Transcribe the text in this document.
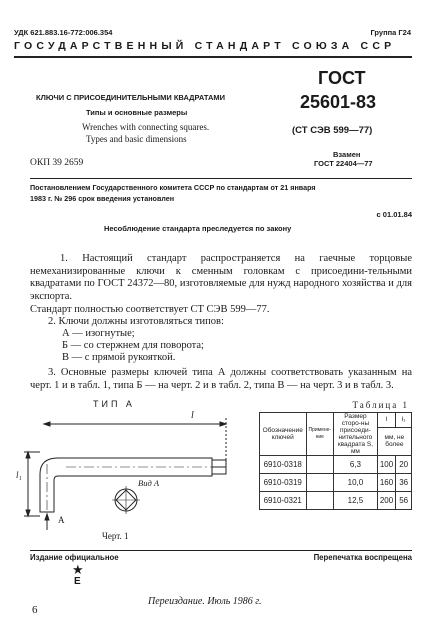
УДК 621.883.16-772:006.354	Группа Г24
ГОСУДАРСТВЕННЫЙ СТАНДАРТ СОЮЗА ССР
КЛЮЧИ С ПРИСОЕДИНИТЕЛЬНЫМИ КВАДРАТАМИ
Типы и основные размеры
Wrenches with connecting squares.
Types and basic dimensions
ОКП 39 2659
ГОСТ
25601-83
(СТ СЭВ 599—77)
Взамен
ГОСТ 22404—77
Постановлением Государственного комитета СССР по стандартам от 21 января
1983 г. № 296 срок введения установлен
с 01.01.84
Несоблюдение стандарта преследуется по закону

1. Настоящий стандарт распространяется на гаечные торцовые немеханизированные ключи к сменным головкам с присоедини-тельными квадратами по ГОСТ 24372—80, изготовляемые для нужд народного хозяйства и для экспорта.

Стандарт полностью соответствует СТ СЭВ 599—77.

2. Ключи должны изготовляться типов:

А — изогнутые;

Б — со стержнем для поворота;

В — с прямой рукояткой.

3. Основные размеры ключей типа А должны соответствовать указанным на черт. 1 и в табл. 1, типа Б — на черт. 2 и в табл. 2, типа В — на черт. 3 и в табл. 3.

ТИП А
l
l₁
Вид А
А
Черт. 1
Таблица 1
Обозначение ключей	Примене-ние	Размер сторо-ны присоеди-нительного квадрата S, мм	l	l₁
			мм, не более	
6910-0318		6,3	100	20
6910-0319		10,0	160	36
6910-0321		12,5	200	56
Издание официальное	Перепечатка воспрещена
★
Е
Переиздание. Июль 1986 г.
6
